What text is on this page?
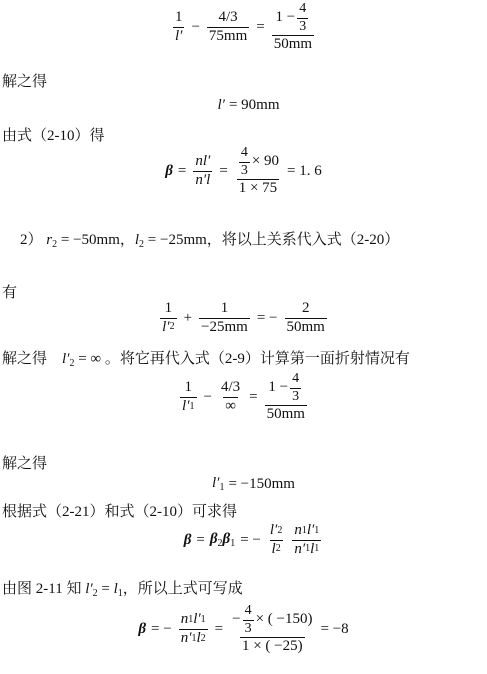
$\frac{1}{l'} - \frac{4/3}{75mm} = \frac{1 - \frac{4}{3}}{50mm}$
解之得
l′ = 90mm
由式（2-10）得
$\beta = \frac{nl'}{n'l} = \frac{\frac{4}{3} \times 90}{1 \times 75} = 1$. 6
2） $r_2 = -50mm$，$l_2 = -25mm$，将以上关系代入式（2-20）
有
$\frac{1}{l' 2} + \frac{1}{-25mm}$ = − $\frac{2}{50mm}$
解之得　$l'_2$ = ∞ 。将它再代入式（2-9）计算第一面折射情况有
$\frac{1}{l' 1} - \frac{4/3}{\infty} = \frac{1 - \frac{4}{3}}{50mm}$
解之得
$l'_1 = -150mm$
根据式（2-21）和式（2-10）可求得
$\beta = \beta_2\beta_1$ = − $\frac{l' 2}{l 2} \frac{n 1 l' 1}{n' 1 l 1}$
由图 2-11 知 $l'_2 = l_1$，所以上式可写成
β = − $\frac{n 1 l' 1}{n' 1 l 2}$ =
− $\frac{4}{3}$ × ( −150)
1 × ( −25)
= −8
